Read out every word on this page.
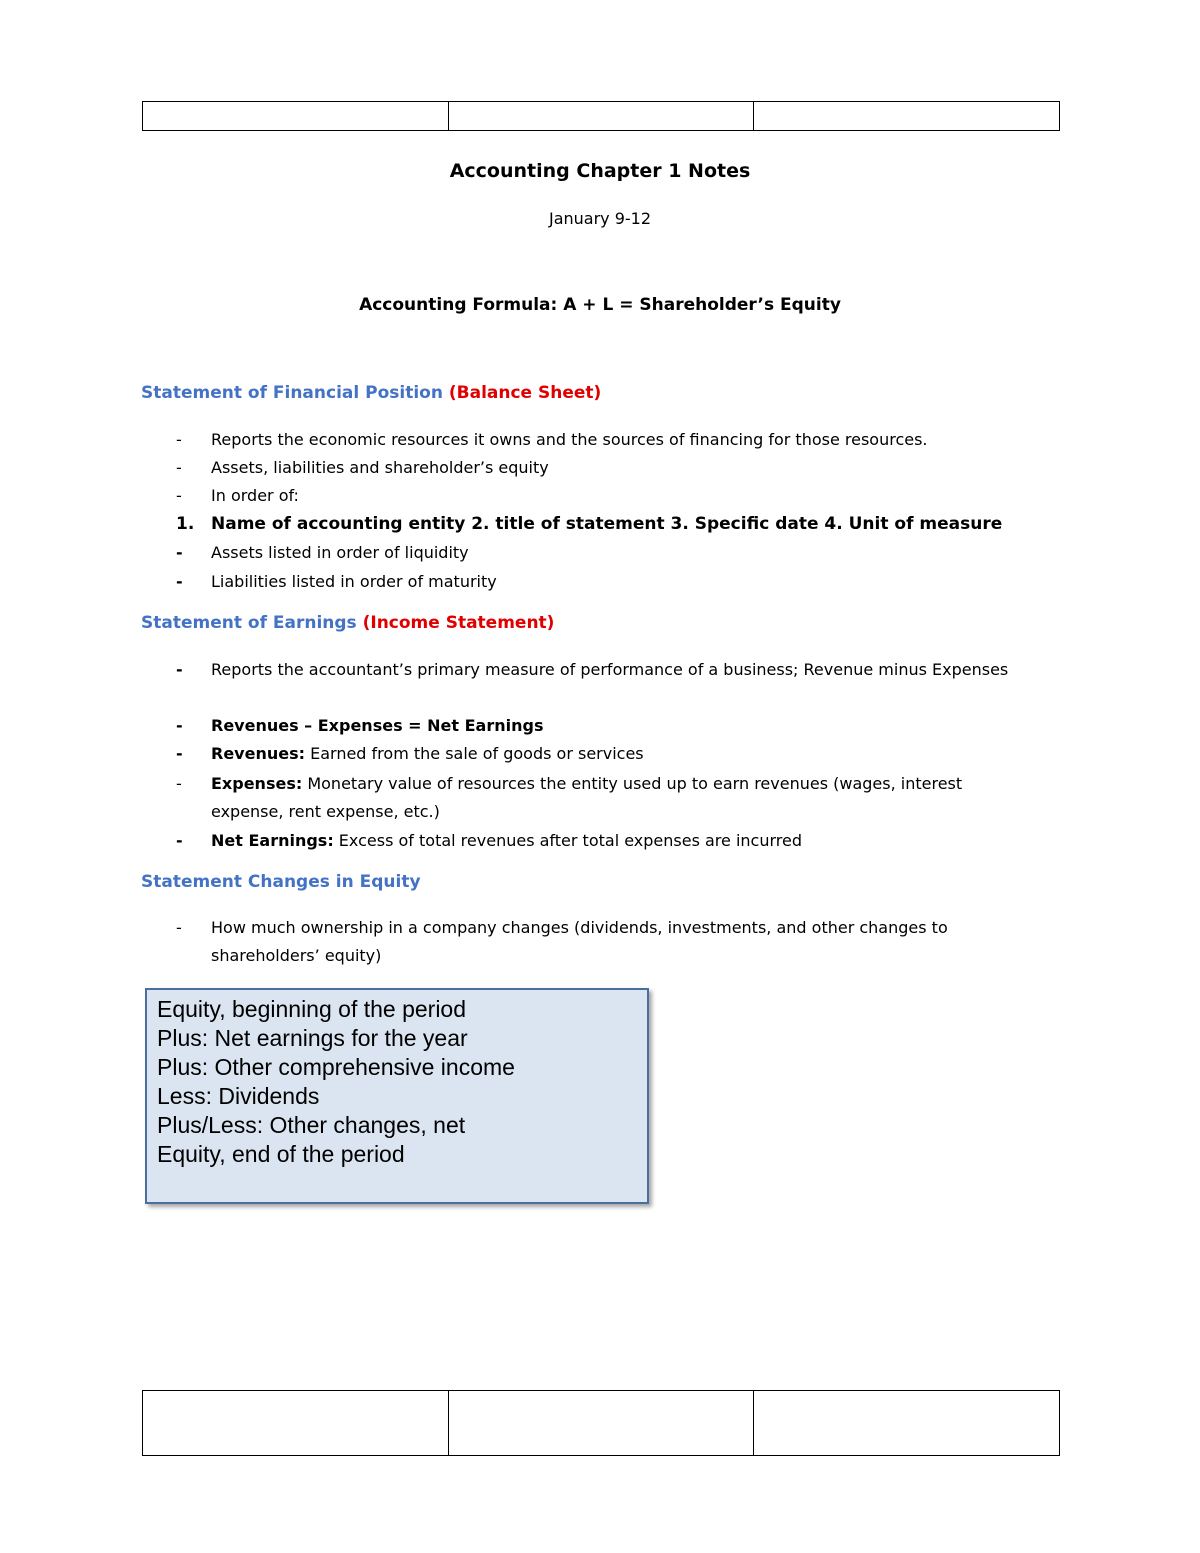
Accounting Chapter 1 Notes
January 9-12
Accounting Formula: A + L = Shareholder’s Equity
Statement of Financial Position (Balance Sheet)
-	Reports the economic resources it owns and the sources of financing for those resources.
-	Assets, liabilities and shareholder’s equity
-	In order of:
1. Name of accounting entity 2. title of statement 3. Specific date 4. Unit of measure
-	Assets listed in order of liquidity
-	Liabilities listed in order of maturity
Statement of Earnings (Income Statement)
-	Reports the accountant’s primary measure of performance of a business; Revenue minus Expenses
-	Revenues – Expenses = Net Earnings
-	Revenues: Earned from the sale of goods or services
-	Expenses: Monetary value of resources the entity used up to earn revenues (wages, interest expense, rent expense, etc.)
-	Net Earnings: Excess of total revenues after total expenses are incurred
Statement Changes in Equity
-	How much ownership in a company changes (dividends, investments, and other changes to shareholders’ equity)
Equity, beginning of the period
Plus: Net earnings for the year
Plus: Other comprehensive income
Less: Dividends
Plus/Less: Other changes, net
Equity, end of the period
